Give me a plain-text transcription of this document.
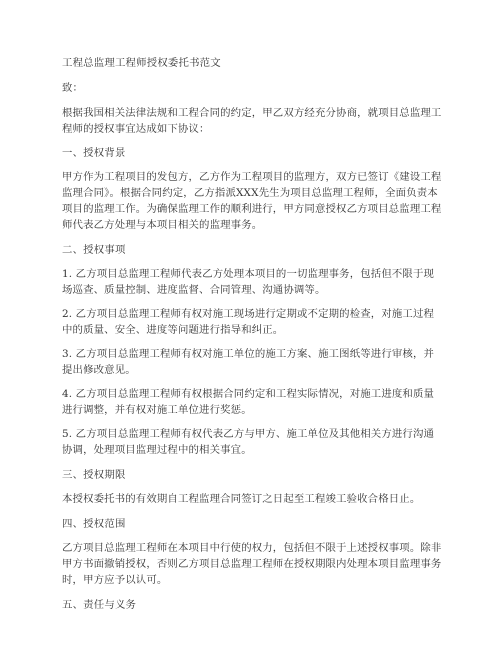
工程总监理工程师授权委托书范文
致：
根据我国相关法律法规和工程合同的约定，甲乙双方经充分协商，就项目总监理工
程师的授权事宜达成如下协议：
一、授权背景
甲方作为工程项目的发包方，乙方作为工程项目的监理方，双方已签订《建设工程
监理合同》。根据合同约定，乙方指派XXX先生为项目总监理工程师，全面负责本
项目的监理工作。为确保监理工作的顺利进行，甲方同意授权乙方项目总监理工程
师代表乙方处理与本项目相关的监理事务。
二、授权事项
1. 乙方项目总监理工程师代表乙方处理本项目的一切监理事务，包括但不限于现
场巡查、质量控制、进度监督、合同管理、沟通协调等。
2. 乙方项目总监理工程师有权对施工现场进行定期或不定期的检查，对施工过程
中的质量、安全、进度等问题进行指导和纠正。
3. 乙方项目总监理工程师有权对施工单位的施工方案、施工图纸等进行审核，并
提出修改意见。
4. 乙方项目总监理工程师有权根据合同约定和工程实际情况，对施工进度和质量
进行调整，并有权对施工单位进行奖惩。
5. 乙方项目总监理工程师有权代表乙方与甲方、施工单位及其他相关方进行沟通
协调，处理项目监理过程中的相关事宜。
三、授权期限
本授权委托书的有效期自工程监理合同签订之日起至工程竣工验收合格日止。
四、授权范围
乙方项目总监理工程师在本项目中行使的权力，包括但不限于上述授权事项。除非
甲方书面撤销授权，否则乙方项目总监理工程师在授权期限内处理本项目监理事务
时，甲方应予以认可。
五、责任与义务
